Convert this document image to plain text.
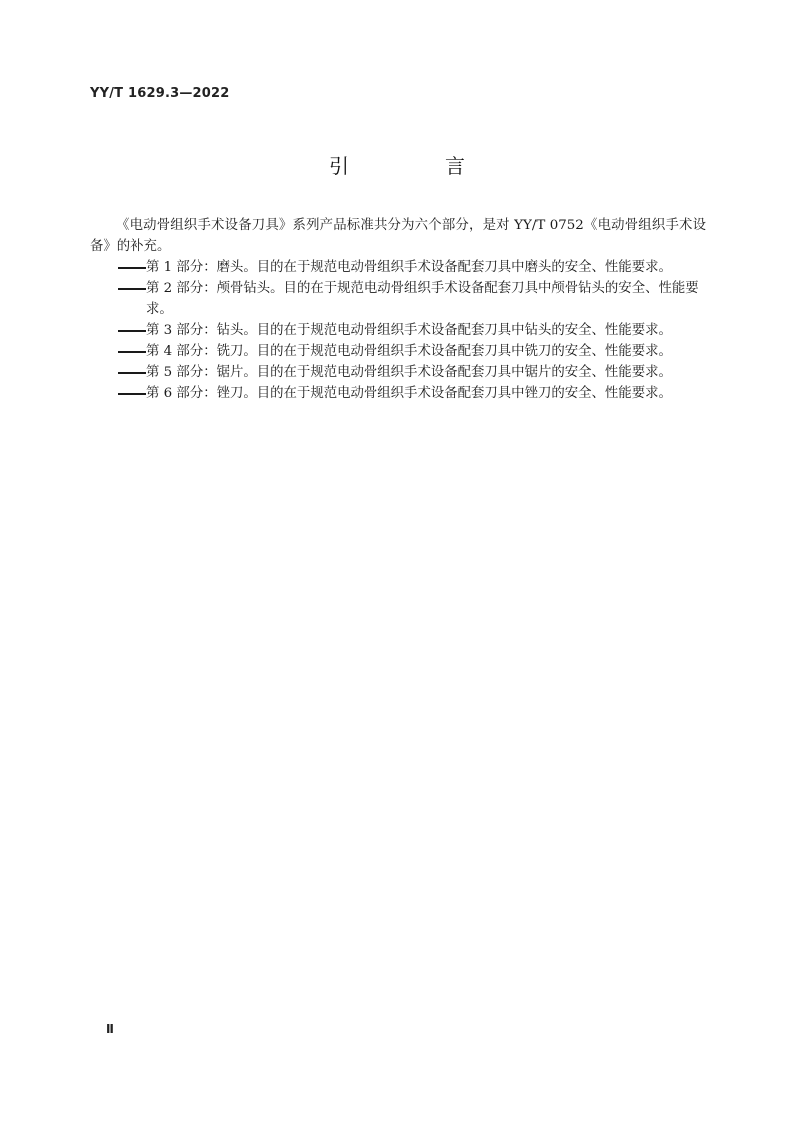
YY/T 1629.3—2022
引　言

《电动骨组织手术设备刀具》系列产品标准共分为六个部分，是对 YY/T 0752《电动骨组织手术设备》的补充。

第 1 部分：磨头。目的在于规范电动骨组织手术设备配套刀具中磨头的安全、性能要求。
第 2 部分：颅骨钻头。目的在于规范电动骨组织手术设备配套刀具中颅骨钻头的安全、性能要求。
第 3 部分：钻头。目的在于规范电动骨组织手术设备配套刀具中钻头的安全、性能要求。
第 4 部分：铣刀。目的在于规范电动骨组织手术设备配套刀具中铣刀的安全、性能要求。
第 5 部分：锯片。目的在于规范电动骨组织手术设备配套刀具中锯片的安全、性能要求。
第 6 部分：锉刀。目的在于规范电动骨组织手术设备配套刀具中锉刀的安全、性能要求。
Ⅱ
